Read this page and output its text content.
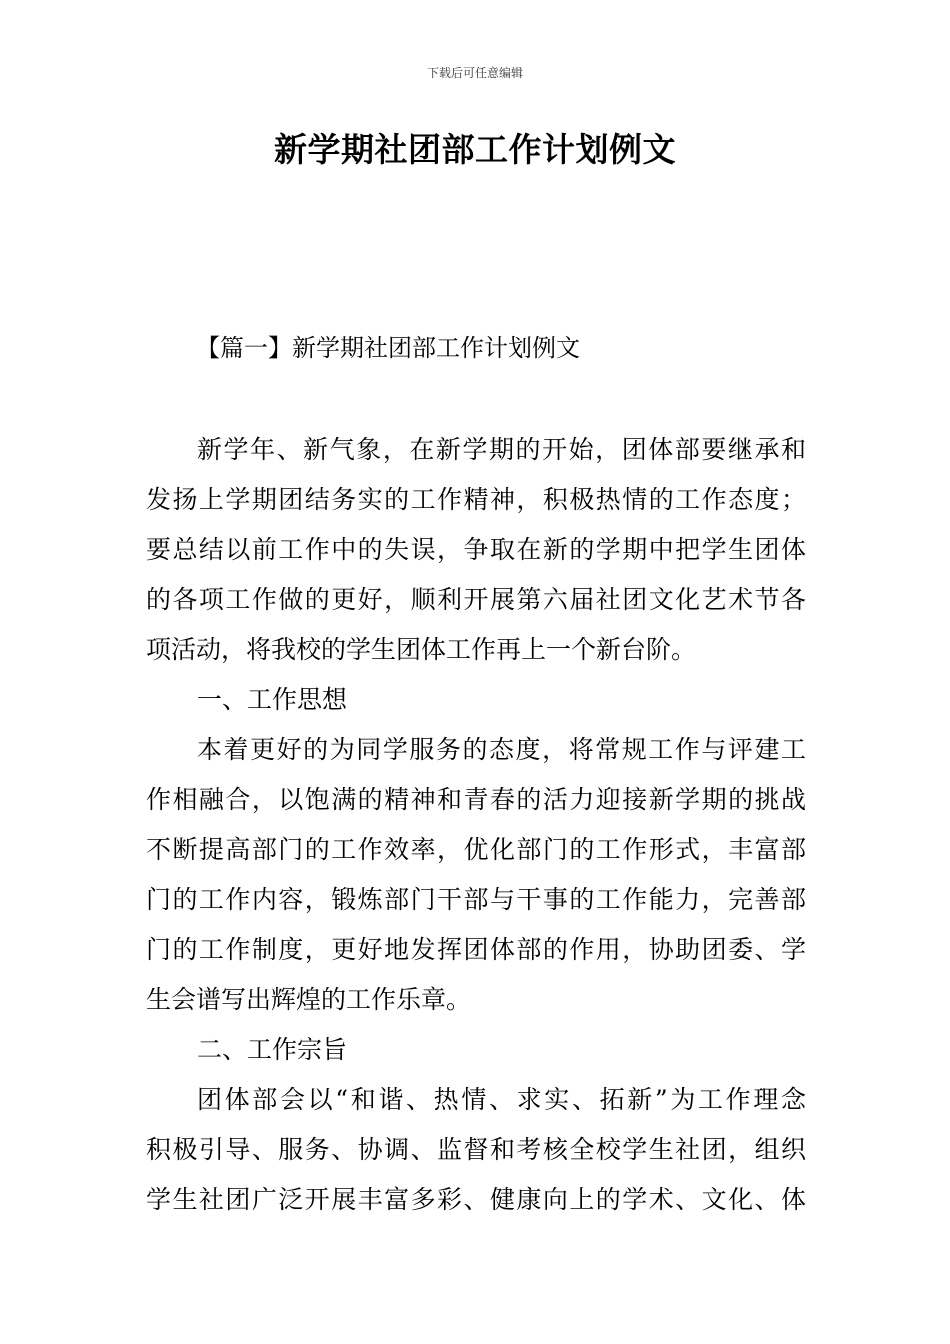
下载后可任意编辑
新学期社团部工作计划例文
【篇一】新学期社团部工作计划例文
新学年、新气象，在新学期的开始，团体部要继承和
发扬上学期团结务实的工作精神，积极热情的工作态度；
要总结以前工作中的失误，争取在新的学期中把学生团体
的各项工作做的更好，顺利开展第六届社团文化艺术节各
项活动，将我校的学生团体工作再上一个新台阶。
一、工作思想
本着更好的为同学服务的态度，将常规工作与评建工
作相融合，以饱满的精神和青春的活力迎接新学期的挑战
不断提高部门的工作效率，优化部门的工作形式，丰富部
门的工作内容，锻炼部门干部与干事的工作能力，完善部
门的工作制度，更好地发挥团体部的作用，协助团委、学
生会谱写出辉煌的工作乐章。
二、工作宗旨
团体部会以“和谐、热情、求实、拓新”为工作理念
积极引导、服务、协调、监督和考核全校学生社团，组织
学生社团广泛开展丰富多彩、健康向上的学术、文化、体
